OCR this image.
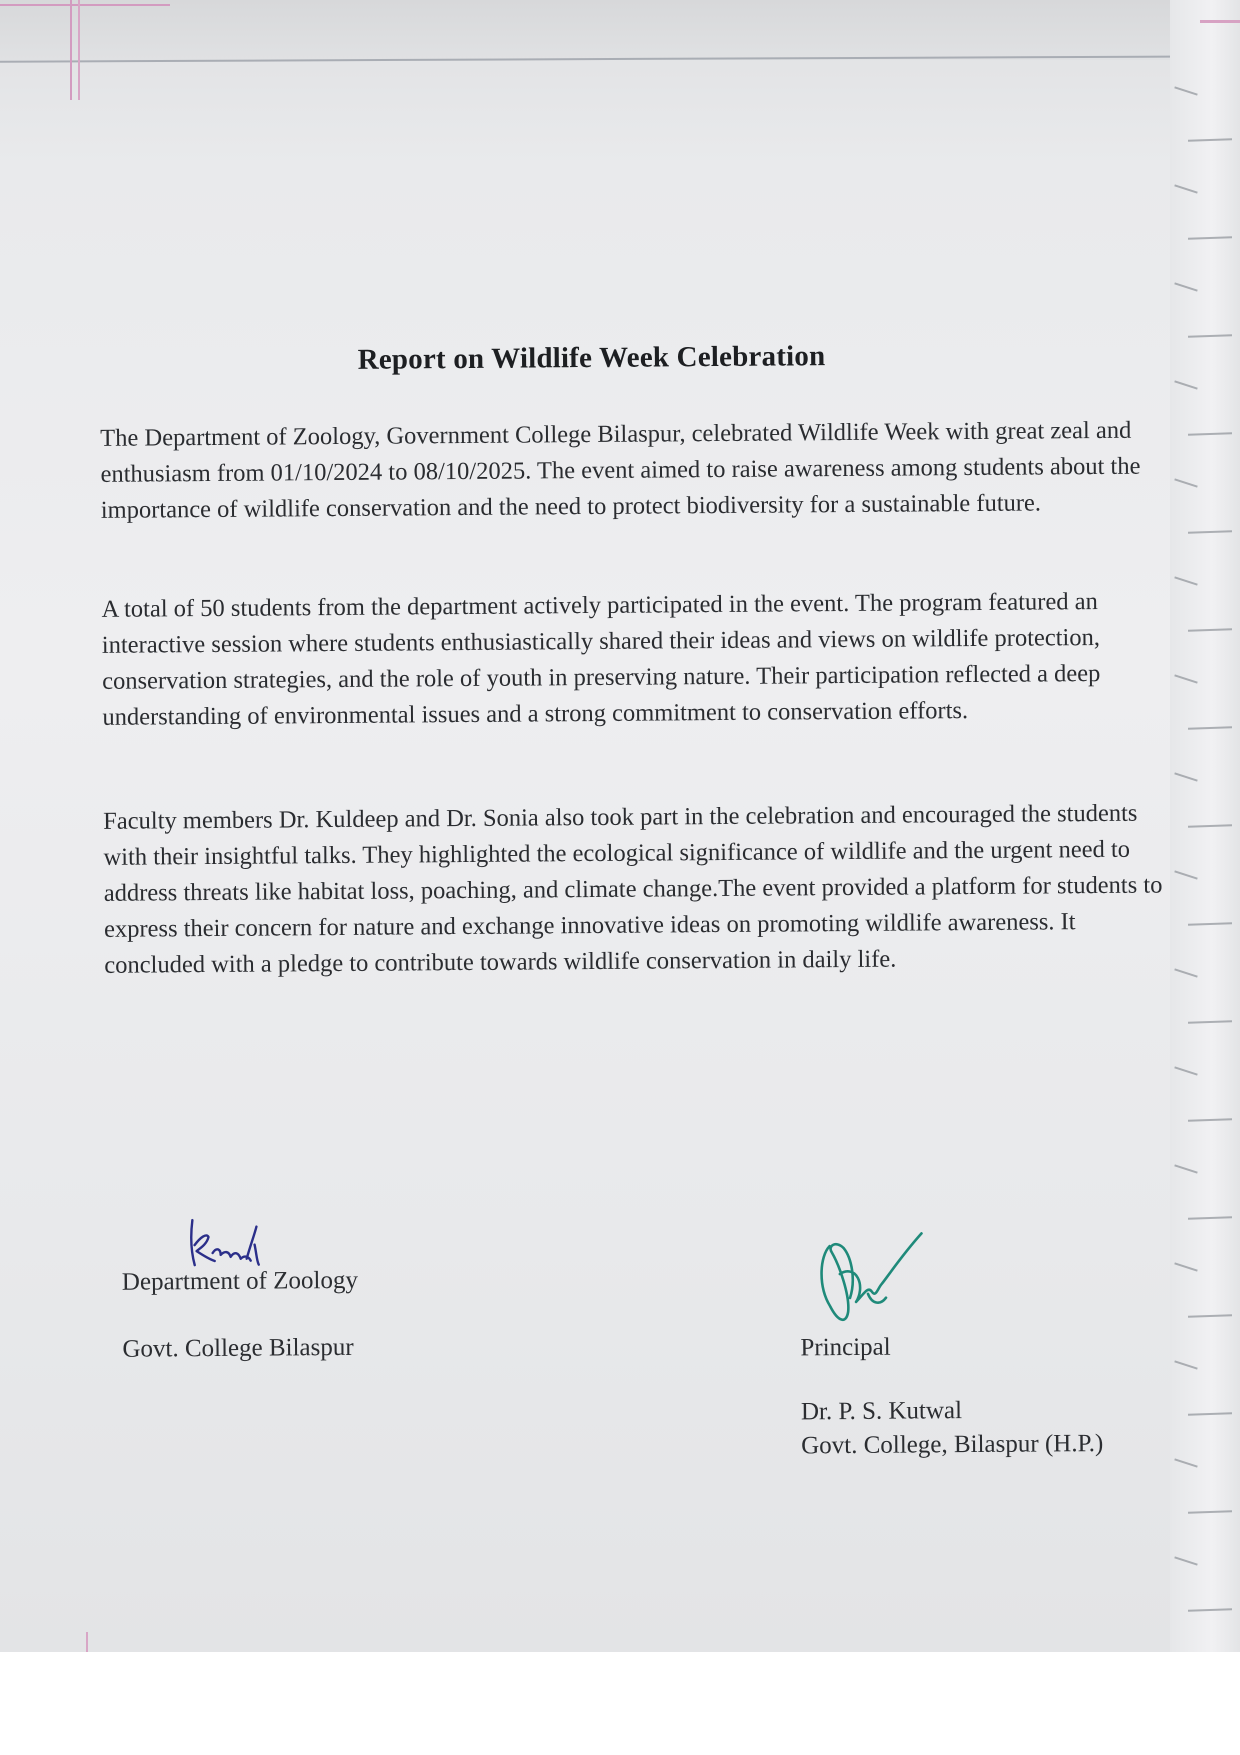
Report on Wildlife Week Celebration

The Department of Zoology, Government College Bilaspur, celebrated Wildlife Week with great zeal and enthusiasm from 01/10/2024 to 08/10/2025. The event aimed to raise awareness among students about the importance of wildlife conservation and the need to protect biodiversity for a sustainable future.

A total of 50 students from the department actively participated in the event. The program featured an interactive session where students enthusiastically shared their ideas and views on wildlife protection, conservation strategies, and the role of youth in preserving nature. Their participation reflected a deep understanding of environmental issues and a strong commitment to conservation efforts.

Faculty members Dr. Kuldeep and Dr. Sonia also took part in the celebration and encouraged the students with their insightful talks. They highlighted the ecological significance of wildlife and the urgent need to address threats like habitat loss, poaching, and climate change.The event provided a platform for students to express their concern for nature and exchange innovative ideas on promoting wildlife awareness. It concluded with a pledge to contribute towards wildlife conservation in daily life.

Department of Zoology
Govt. College Bilaspur	Principal
Dr. P. S. Kutwal
Govt. College, Bilaspur (H.P.)
